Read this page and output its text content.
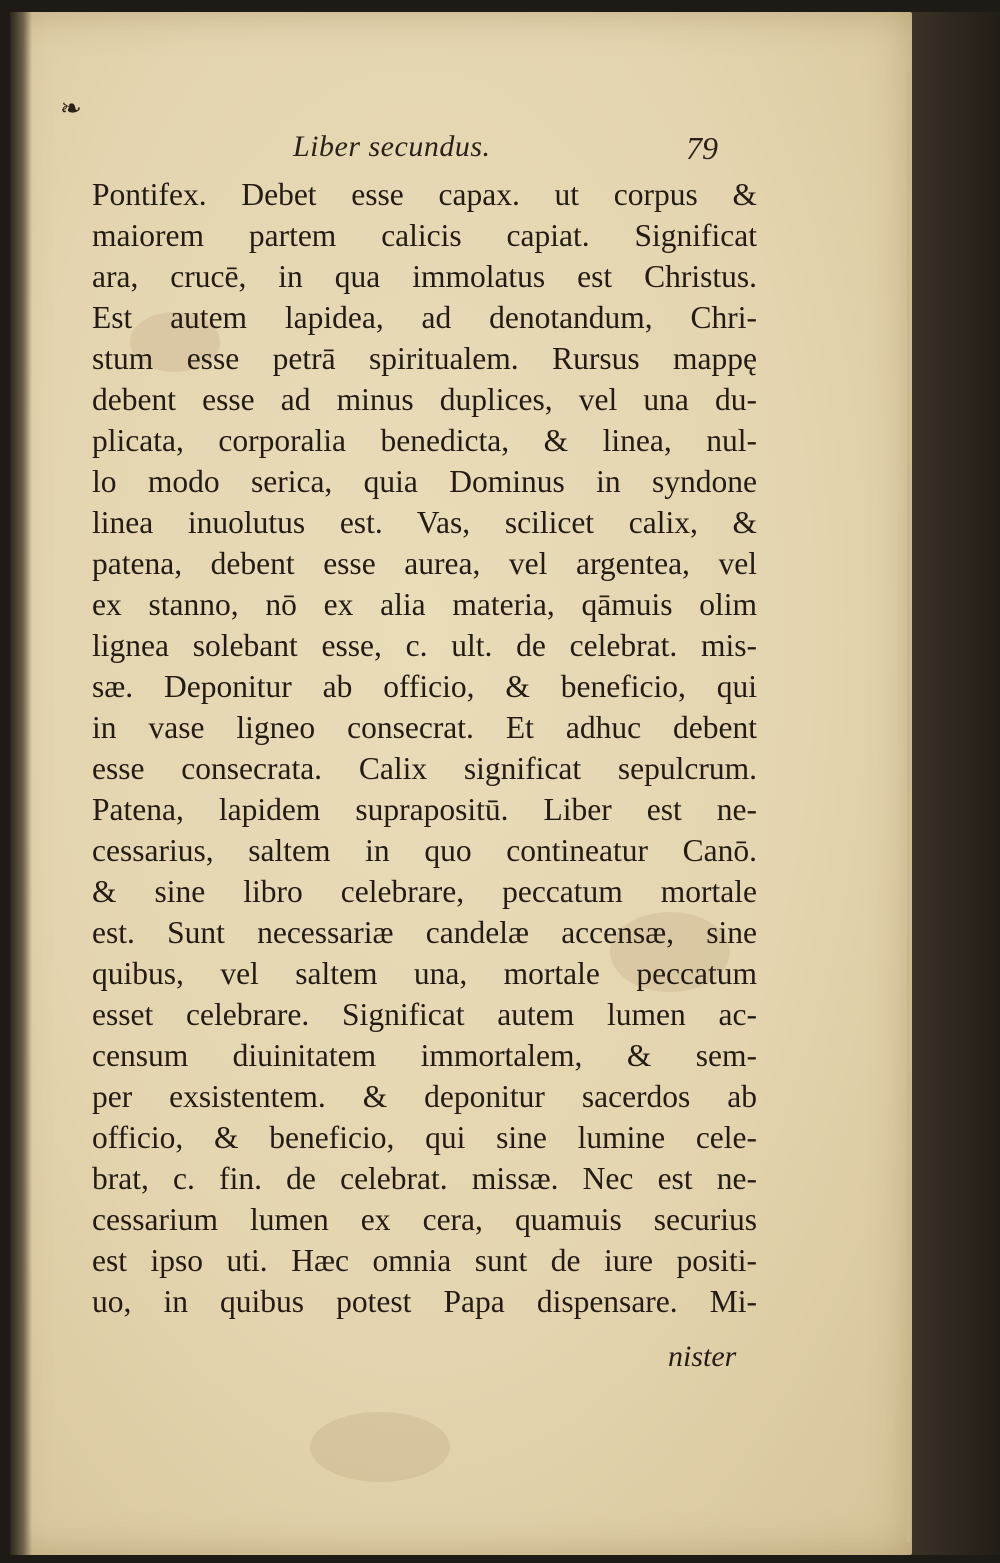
❧
Liber secundus.	79
Pontifex. Debet esse capax. ut corpus &
maiorem partem calicis capiat. Significat
ara, crucē, in qua immolatus est Christus.
Est autem lapidea, ad denotandum, Chri-
stum esse petrā spiritualem. Rursus mappę
debent esse ad minus duplices, vel una du-
plicata, corporalia benedicta, & linea, nul-
lo modo serica, quia Dominus in syndone
linea inuolutus est. Vas, scilicet calix, &
patena, debent esse aurea, vel argentea, vel
ex stanno, nō ex alia materia, qāmuis olim
lignea solebant esse, c. ult. de celebrat. mis-
sæ. Deponitur ab officio, & beneficio, qui
in vase ligneo consecrat. Et adhuc debent
esse consecrata. Calix significat sepulcrum.
Patena, lapidem suprapositū. Liber est ne-
cessarius, saltem in quo contineatur Canō.
& sine libro celebrare, peccatum mortale
est. Sunt necessariæ candelæ accensæ, sine
quibus, vel saltem una, mortale peccatum
esset celebrare. Significat autem lumen ac-
censum diuinitatem immortalem, & sem-
per exsistentem. & deponitur sacerdos ab
officio, & beneficio, qui sine lumine cele-
brat, c. fin. de celebrat. missæ. Nec est ne-
cessarium lumen ex cera, quamuis securius
est ipso uti. Hæc omnia sunt de iure positi-
uo, in quibus potest Papa dispensare. Mi-
nister
